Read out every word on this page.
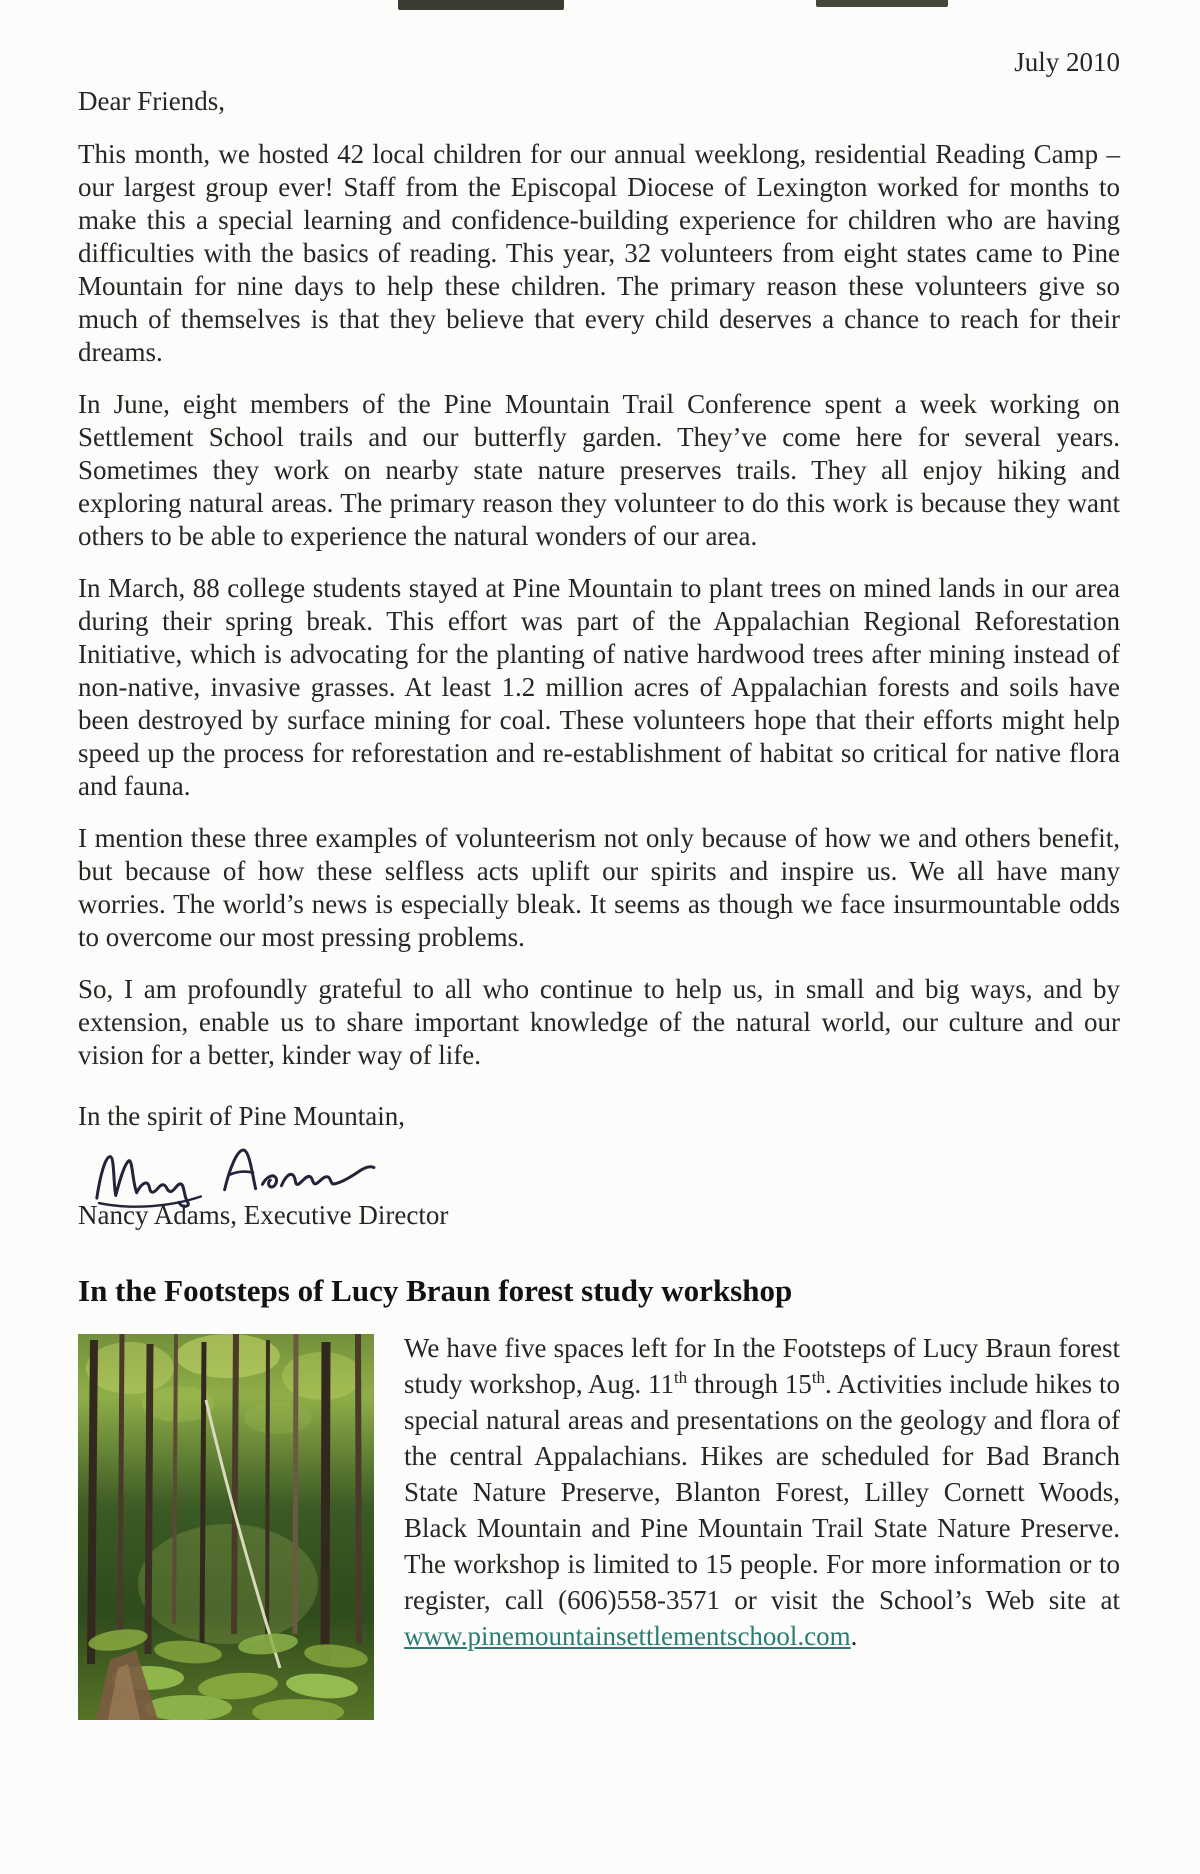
July 2010
Dear Friends,

This month, we hosted 42 local children for our annual weeklong, residential Reading Camp – our largest group ever! Staff from the Episcopal Diocese of Lexington worked for months to make this a special learning and confidence-building experience for children who are having difficulties with the basics of reading. This year, 32 volunteers from eight states came to Pine Mountain for nine days to help these children. The primary reason these volunteers give so much of themselves is that they believe that every child deserves a chance to reach for their dreams.

In June, eight members of the Pine Mountain Trail Conference spent a week working on Settlement School trails and our butterfly garden. They’ve come here for several years. Sometimes they work on nearby state nature preserves trails. They all enjoy hiking and exploring natural areas. The primary reason they volunteer to do this work is because they want others to be able to experience the natural wonders of our area.

In March, 88 college students stayed at Pine Mountain to plant trees on mined lands in our area during their spring break. This effort was part of the Appalachian Regional Reforestation Initiative, which is advocating for the planting of native hardwood trees after mining instead of non-native, invasive grasses. At least 1.2 million acres of Appalachian forests and soils have been destroyed by surface mining for coal. These volunteers hope that their efforts might help speed up the process for reforestation and re-establishment of habitat so critical for native flora and fauna.

I mention these three examples of volunteerism not only because of how we and others benefit, but because of how these selfless acts uplift our spirits and inspire us. We all have many worries. The world’s news is especially bleak. It seems as though we face insurmountable odds to overcome our most pressing problems.

So, I am profoundly grateful to all who continue to help us, in small and big ways, and by extension, enable us to share important knowledge of the natural world, our culture and our vision for a better, kinder way of life.

In the spirit of Pine Mountain,
Nancy Adams, Executive Director
In the Footsteps of Lucy Braun forest study workshop

We have five spaces left for In the Footsteps of Lucy Braun forest study workshop, Aug. 11th through 15th. Activities include hikes to special natural areas and presentations on the geology and flora of the central Appalachians. Hikes are scheduled for Bad Branch State Nature Preserve, Blanton Forest, Lilley Cornett Woods, Black Mountain and Pine Mountain Trail State Nature Preserve. The workshop is limited to 15 people. For more information or to register, call (606)558-3571 or visit the School’s Web site at www.pinemountainsettlementschool.com.
